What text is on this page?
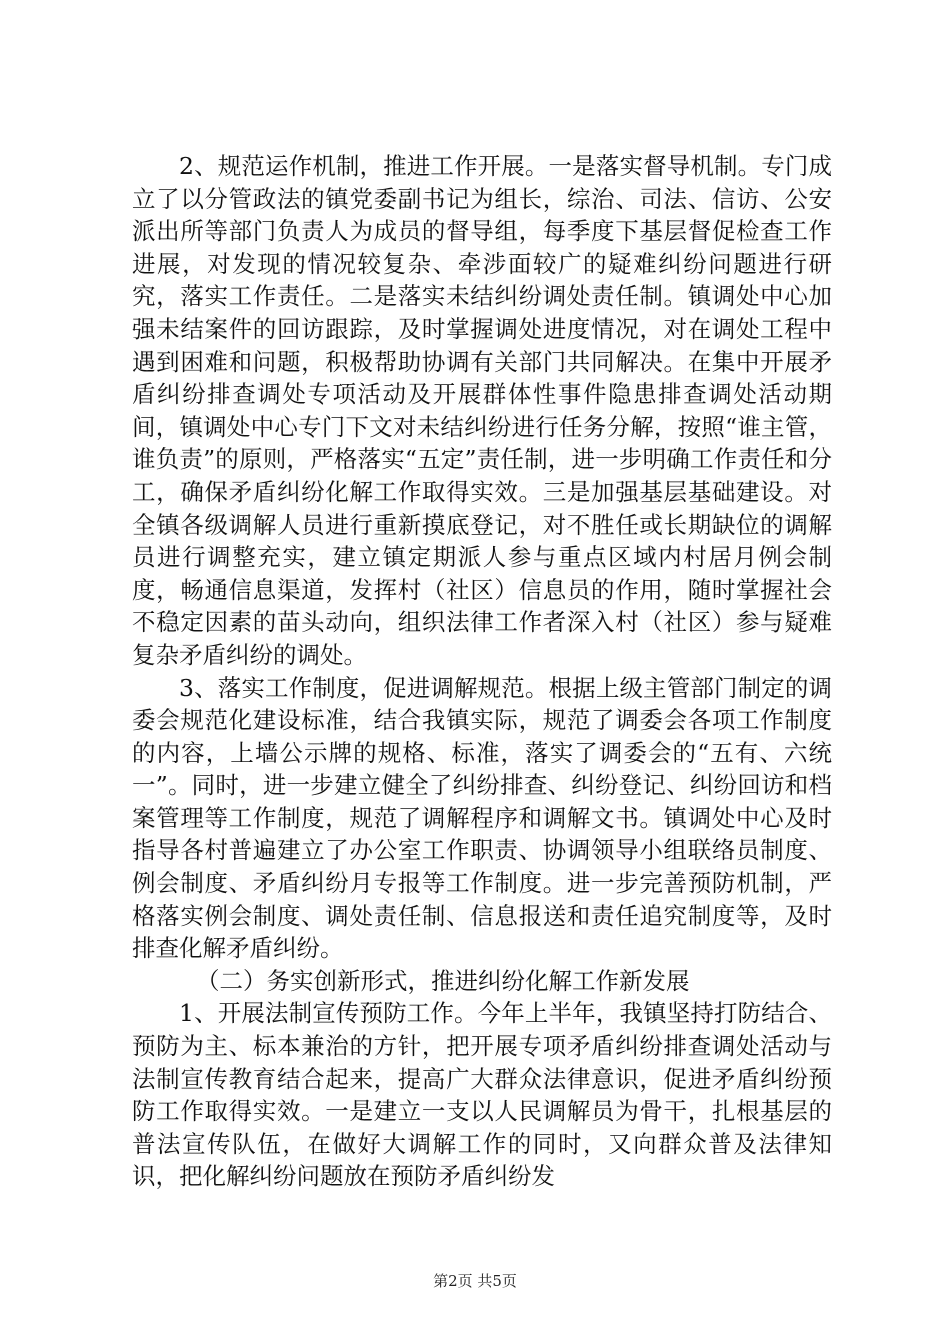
2、规范运作机制，推进工作开展。一是落实督导机制。专门成立了以分管政法的镇党委副书记为组长，综治、司法、信访、公安派出所等部门负责人为成员的督导组，每季度下基层督促检查工作进展，对发现的情况较复杂、牵涉面较广的疑难纠纷问题进行研究，落实工作责任。二是落实未结纠纷调处责任制。镇调处中心加强未结案件的回访跟踪，及时掌握调处进度情况，对在调处工程中遇到困难和问题，积极帮助协调有关部门共同解决。在集中开展矛盾纠纷排查调处专项活动及开展群体性事件隐患排查调处活动期间，镇调处中心专门下文对未结纠纷进行任务分解，按照“谁主管，谁负责”的原则，严格落实“五定”责任制，进一步明确工作责任和分工，确保矛盾纠纷化解工作取得实效。三是加强基层基础建设。对全镇各级调解人员进行重新摸底登记，对不胜任或长期缺位的调解员进行调整充实，建立镇定期派人参与重点区域内村居月例会制度，畅通信息渠道，发挥村（社区）信息员的作用，随时掌握社会不稳定因素的苗头动向，组织法律工作者深入村（社区）参与疑难复杂矛盾纠纷的调处。

3、落实工作制度，促进调解规范。根据上级主管部门制定的调委会规范化建设标准，结合我镇实际，规范了调委会各项工作制度的内容，上墙公示牌的规格、标准，落实了调委会的“五有、六统一”。同时，进一步建立健全了纠纷排查、纠纷登记、纠纷回访和档案管理等工作制度，规范了调解程序和调解文书。镇调处中心及时指导各村普遍建立了办公室工作职责、协调领导小组联络员制度、例会制度、矛盾纠纷月专报等工作制度。进一步完善预防机制，严格落实例会制度、调处责任制、信息报送和责任追究制度等，及时排查化解矛盾纠纷。

（二）务实创新形式，推进纠纷化解工作新发展

1、开展法制宣传预防工作。今年上半年，我镇坚持打防结合、预防为主、标本兼治的方针，把开展专项矛盾纠纷排查调处活动与法制宣传教育结合起来，提高广大群众法律意识，促进矛盾纠纷预防工作取得实效。一是建立一支以人民调解员为骨干，扎根基层的普法宣传队伍，在做好大调解工作的同时，又向群众普及法律知识，把化解纠纷问题放在预防矛盾纠纷发

第2页 共5页
